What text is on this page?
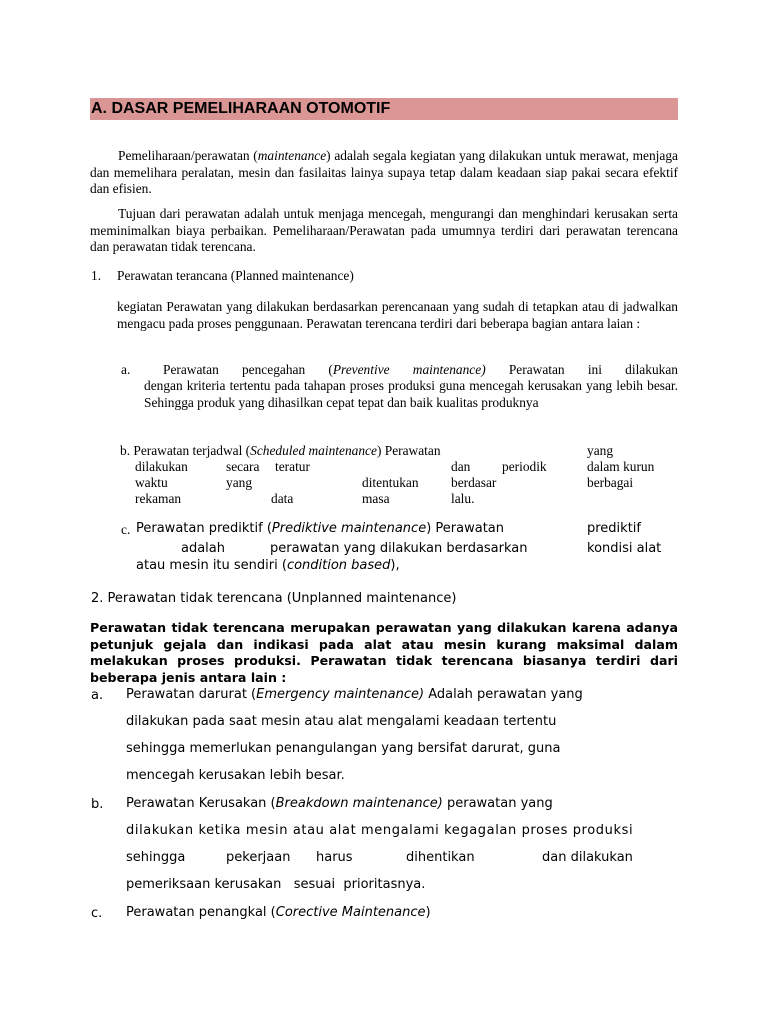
A. DASAR PEMELIHARAAN OTOMOTIF
Pemeliharaan/perawatan (maintenance) adalah segala kegiatan yang dilakukan untuk merawat, menjaga dan memelihara peralatan, mesin dan fasilaitas lainya supaya tetap dalam keadaan siap pakai secara efektif dan efisien.
Tujuan dari perawatan adalah untuk menjaga mencegah, mengurangi dan menghindari kerusakan serta meminimalkan biaya perbaikan. Pemeliharaan/Perawatan pada umumnya terdiri dari perawatan terencana dan perawatan tidak terencana.
1. Perawatan terancana (Planned maintenance)
kegiatan Perawatan yang dilakukan berdasarkan perencanaan yang sudah di tetapkan atau di jadwalkan mengacu pada proses penggunaan. Perawatan terencana terdiri dari beberapa bagian antara laian :
a. Perawatan pencegahan (Preventive maintenance) Perawatan ini dilakukan
dengan kriteria tertentu pada tahapan proses produksi guna mencegah kerusakan yang lebih besar. Sehingga produk yang dihasilkan cepat tepat dan baik kualitas produknya
b. Perawatan terjadwal (Scheduled maintenance) Perawatan	yang
dilakukan	secara teratur	dan periodik	dalam kurun
waktu	yang	ditentukan berdasar	berbagai
rekaman	data	masa	lalu.
c. Perawatan prediktif (Prediktive maintenance) Perawatan	prediktif
adalah	perawatan yang dilakukan berdasarkan	kondisi alat
atau mesin itu sendiri (condition based),
2. Perawatan tidak terencana (Unplanned maintenance)
Perawatan tidak terencana merupakan perawatan yang dilakukan karena adanya petunjuk gejala dan indikasi pada alat atau mesin kurang maksimal dalam melakukan proses produksi. Perawatan tidak terencana biasanya terdiri dari beberapa jenis antara lain :
a. Perawatan darurat (Emergency maintenance) Adalah perawatan yang
dilakukan pada saat mesin atau alat mengalami keadaan tertentu
sehingga memerlukan penangulangan yang bersifat darurat, guna
mencegah kerusakan lebih besar.
b. Perawatan Kerusakan (Breakdown maintenance) perawatan yang
dilakukan ketika mesin atau alat mengalami kegagalan proses produksi
sehingga	pekerjaan harus	dihentikan	dan dilakukan
pemeriksaan kerusakan   sesuai  prioritasnya.
c. Perawatan penangkal (Corective Maintenance)
